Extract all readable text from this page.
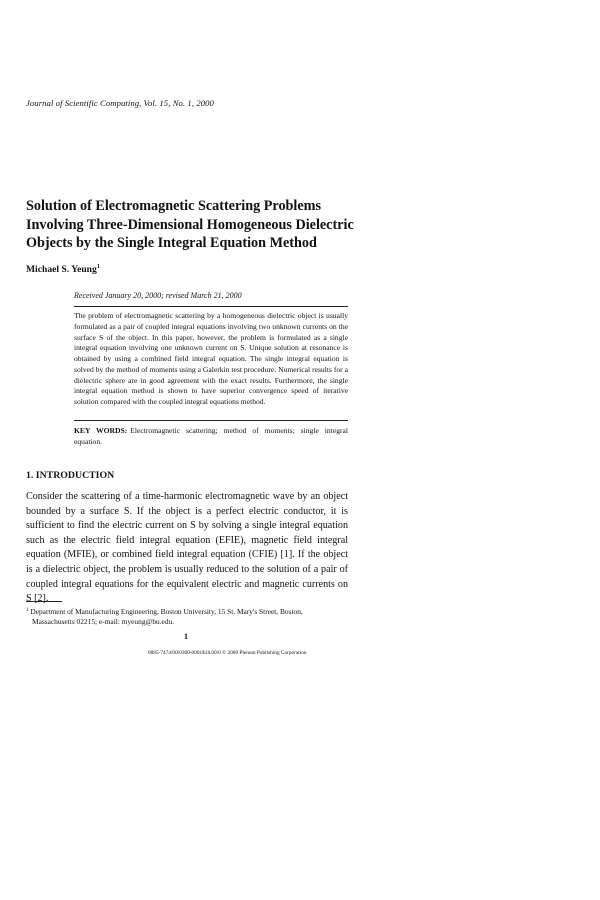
Journal of Scientific Computing, Vol. 15, No. 1, 2000
Solution of Electromagnetic Scattering Problems Involving Three-Dimensional Homogeneous Dielectric Objects by the Single Integral Equation Method
Michael S. Yeung$^1$
Received January 20, 2000; revised March 21, 2000
The problem of electromagnetic scattering by a homogeneous dielectric object is usually formulated as a pair of coupled integral equations involving two unknown currents on the surface S of the object. In this paper, however, the problem is formulated as a single integral equation involving one unknown current on S. Unique solution at resonance is obtained by using a combined field integral equation. The single integral equation is solved by the method of moments using a Galerkin test procedure. Numerical results for a dielectric sphere are in good agreement with the exact results. Furthermore, the single integral equation method is shown to have superior convergence speed of iterative solution compared with the coupled integral equations method.
KEY WORDS: Electromagnetic scattering; method of moments; single integral equation.
1. INTRODUCTION
Consider the scattering of a time-harmonic electromagnetic wave by an object bounded by a surface S. If the object is a perfect electric conductor, it is sufficient to find the electric current on S by solving a single integral equation such as the electric field integral equation (EFIE), magnetic field integral equation (MFIE), or combined field integral equation (CFIE) [1]. If the object is a dielectric object, the problem is usually reduced to the solution of a pair of coupled integral equations for the equivalent electric and magnetic currents on S [2].
$^1$ Department of Manufacturing Engineering, Boston University, 15 St. Mary's Street, Boston,
Massachusetts 02215; e-mail: myeung@bu.edu.
1
0885-7474/00/0300-0001$18.00/0 © 2000 Plenum Publishing Corporation
